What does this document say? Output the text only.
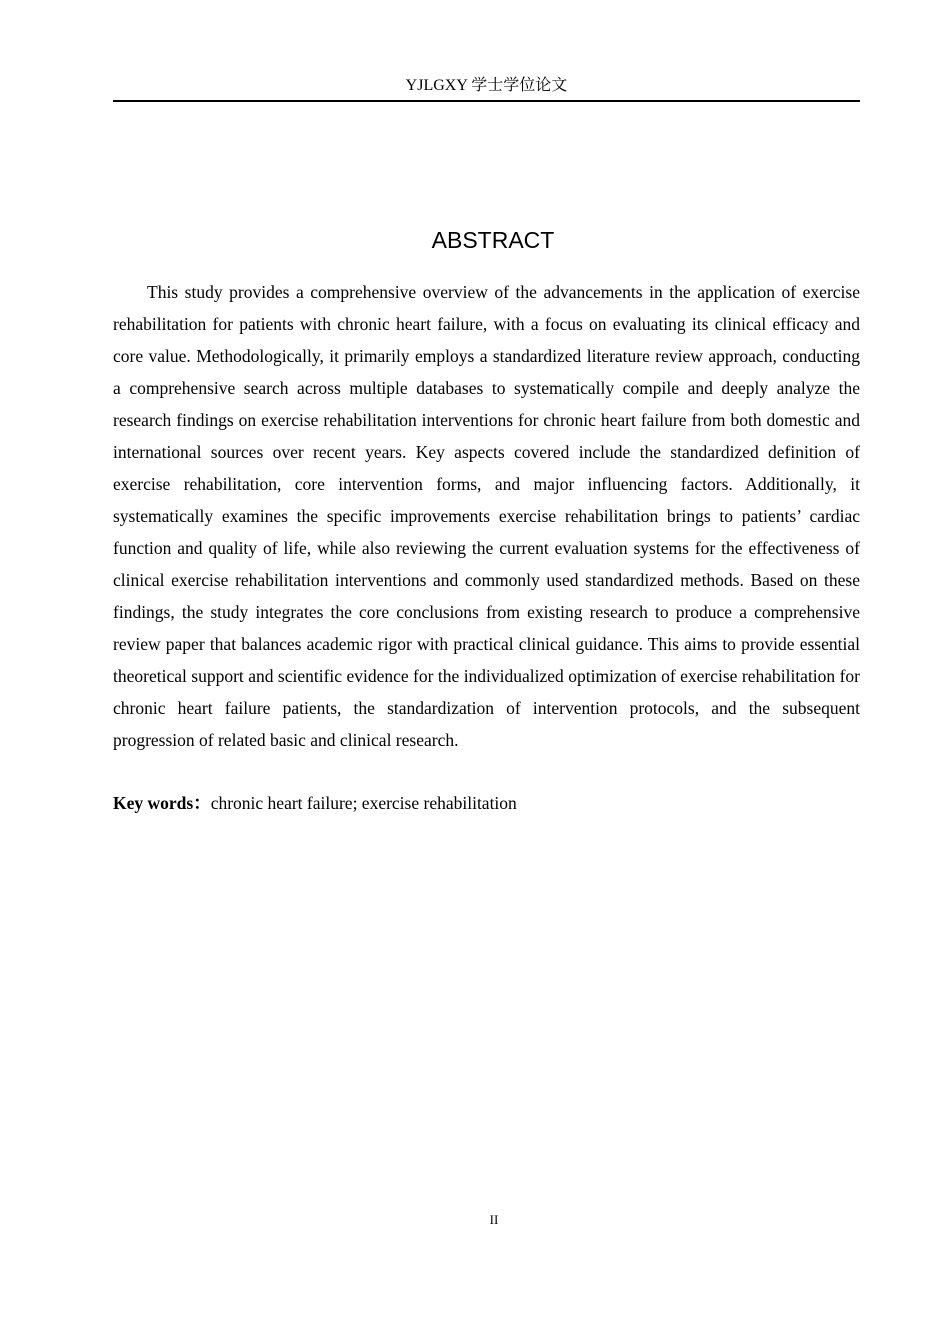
YJLGXY 学士学位论文
ABSTRACT

This study provides a comprehensive overview of the advancements in the application of exercise rehabilitation for patients with chronic heart failure, with a focus on evaluating its clinical efficacy and core value. Methodologically, it primarily employs a standardized literature review approach, conducting a comprehensive search across multiple databases to systematically compile and deeply analyze the research findings on exercise rehabilitation interventions for chronic heart failure from both domestic and international sources over recent years. Key aspects covered include the standardized definition of exercise rehabilitation, core intervention forms, and major influencing factors. Additionally, it systematically examines the specific improvements exercise rehabilitation brings to patients’ cardiac function and quality of life, while also reviewing the current evaluation systems for the effectiveness of clinical exercise rehabilitation interventions and commonly used standardized methods. Based on these findings, the study integrates the core conclusions from existing research to produce a comprehensive review paper that balances academic rigor with practical clinical guidance. This aims to provide essential theoretical support and scientific evidence for the individualized optimization of exercise rehabilitation for chronic heart failure patients, the standardization of intervention protocols, and the subsequent progression of related basic and clinical research.

Key words：chronic heart failure; exercise rehabilitation

II
